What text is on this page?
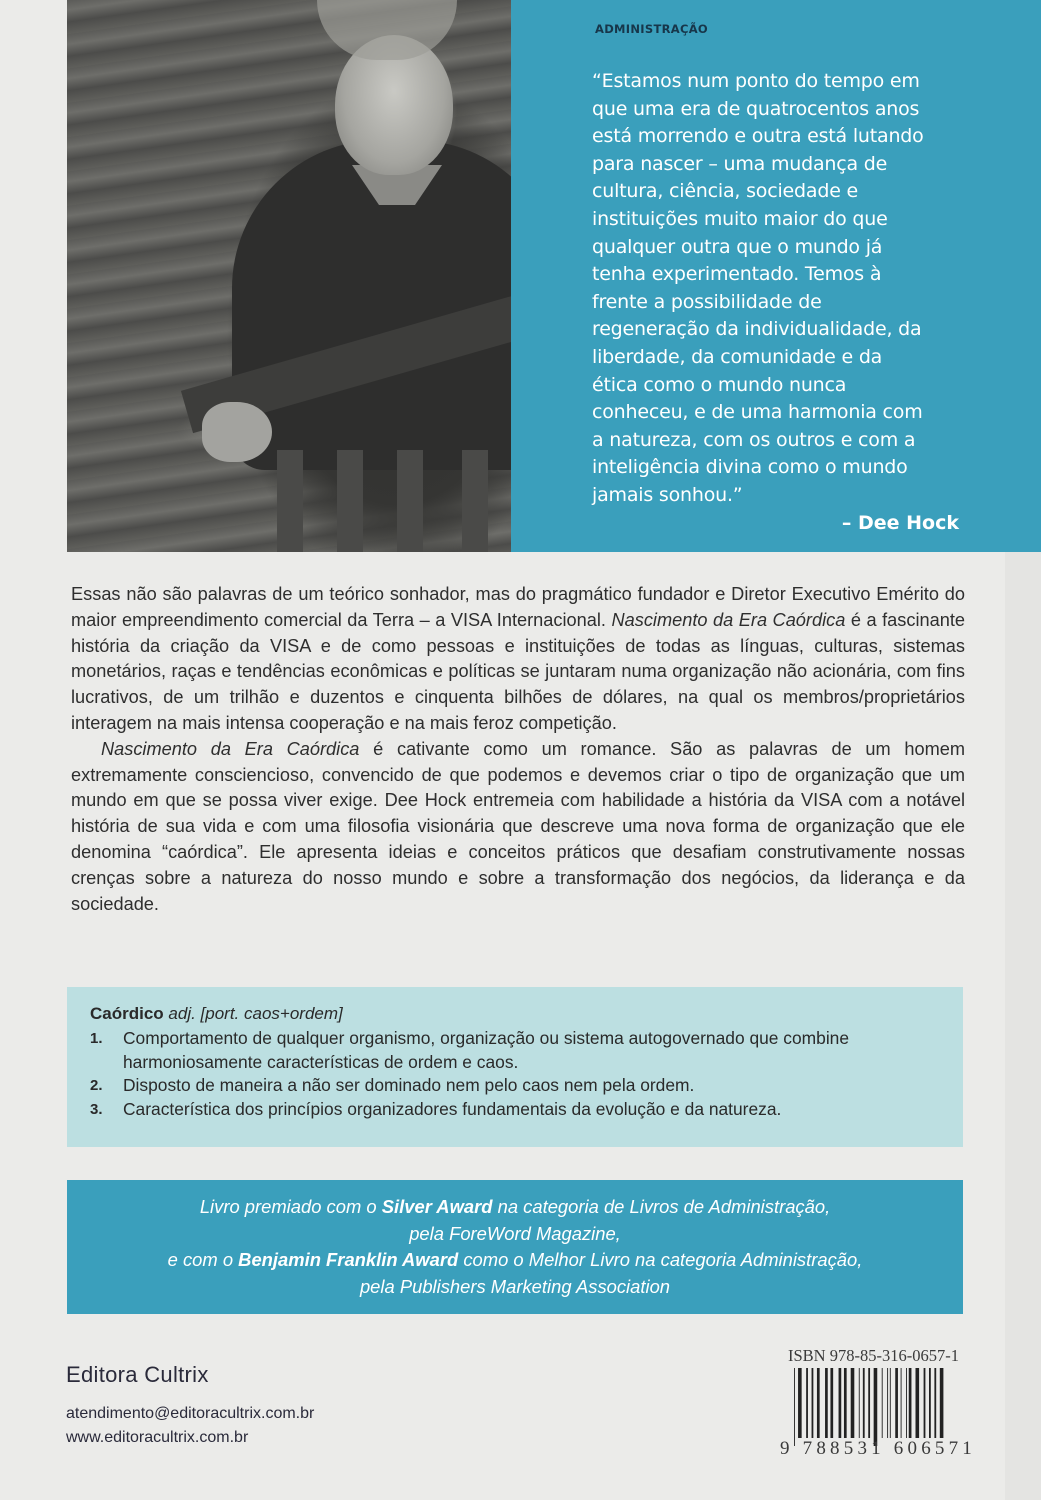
ADMINISTRAÇÃO
“Estamos num ponto do tempo em
que uma era de quatrocentos anos
está morrendo e outra está lutando
para nascer – uma mudança de
cultura, ciência, sociedade e
instituições muito maior do que
qualquer outra que o mundo já
tenha experimentado. Temos à
frente a possibilidade de
regeneração da individualidade, da
liberdade, da comunidade e da
ética como o mundo nunca
conheceu, e de uma harmonia com
a natureza, com os outros e com a
inteligência divina como o mundo
jamais sonhou.”
– Dee Hock

Essas não são palavras de um teórico sonhador, mas do pragmático fundador e Diretor Executivo Emérito do maior empreendimento comercial da Terra – a VISA Internacional. Nascimento da Era Caórdica é a fascinante história da criação da VISA e de como pessoas e instituições de todas as línguas, culturas, sistemas monetários, raças e tendências econômicas e políticas se juntaram numa organização não acionária, com fins lucrativos, de um trilhão e duzentos e cinquenta bilhões de dólares, na qual os membros/proprietários interagem na mais intensa cooperação e na mais feroz competição.

Nascimento da Era Caórdica é cativante como um romance. São as palavras de um homem extremamente consciencioso, convencido de que podemos e devemos criar o tipo de organização que um mundo em que se possa viver exige. Dee Hock entremeia com habilidade a história da VISA com a notável história de sua vida e com uma filosofia visionária que descreve uma nova forma de organização que ele denomina “caórdica”. Ele apresenta ideias e conceitos práticos que desafiam construtivamente nossas crenças sobre a natureza do nosso mundo e sobre a transformação dos negócios, da liderança e da sociedade.

Caórdico adj. [port. caos+ordem]
1.	Comportamento de qualquer organismo, organização ou sistema autogovernado que combine harmoniosamente características de ordem e caos.
2.	Disposto de maneira a não ser dominado nem pelo caos nem pela ordem.
3.	Característica dos princípios organizadores fundamentais da evolução e da natureza.
Livro premiado com o Silver Award na categoria de Livros de Administração,
pela ForeWord Magazine,
e com o Benjamin Franklin Award como o Melhor Livro na categoria Administração,
pela Publishers Marketing Association
Editora Cultrix
atendimento@editoracultrix.com.br
www.editoracultrix.com.br
ISBN 978-85-316-0657-1
9 788531 606571
